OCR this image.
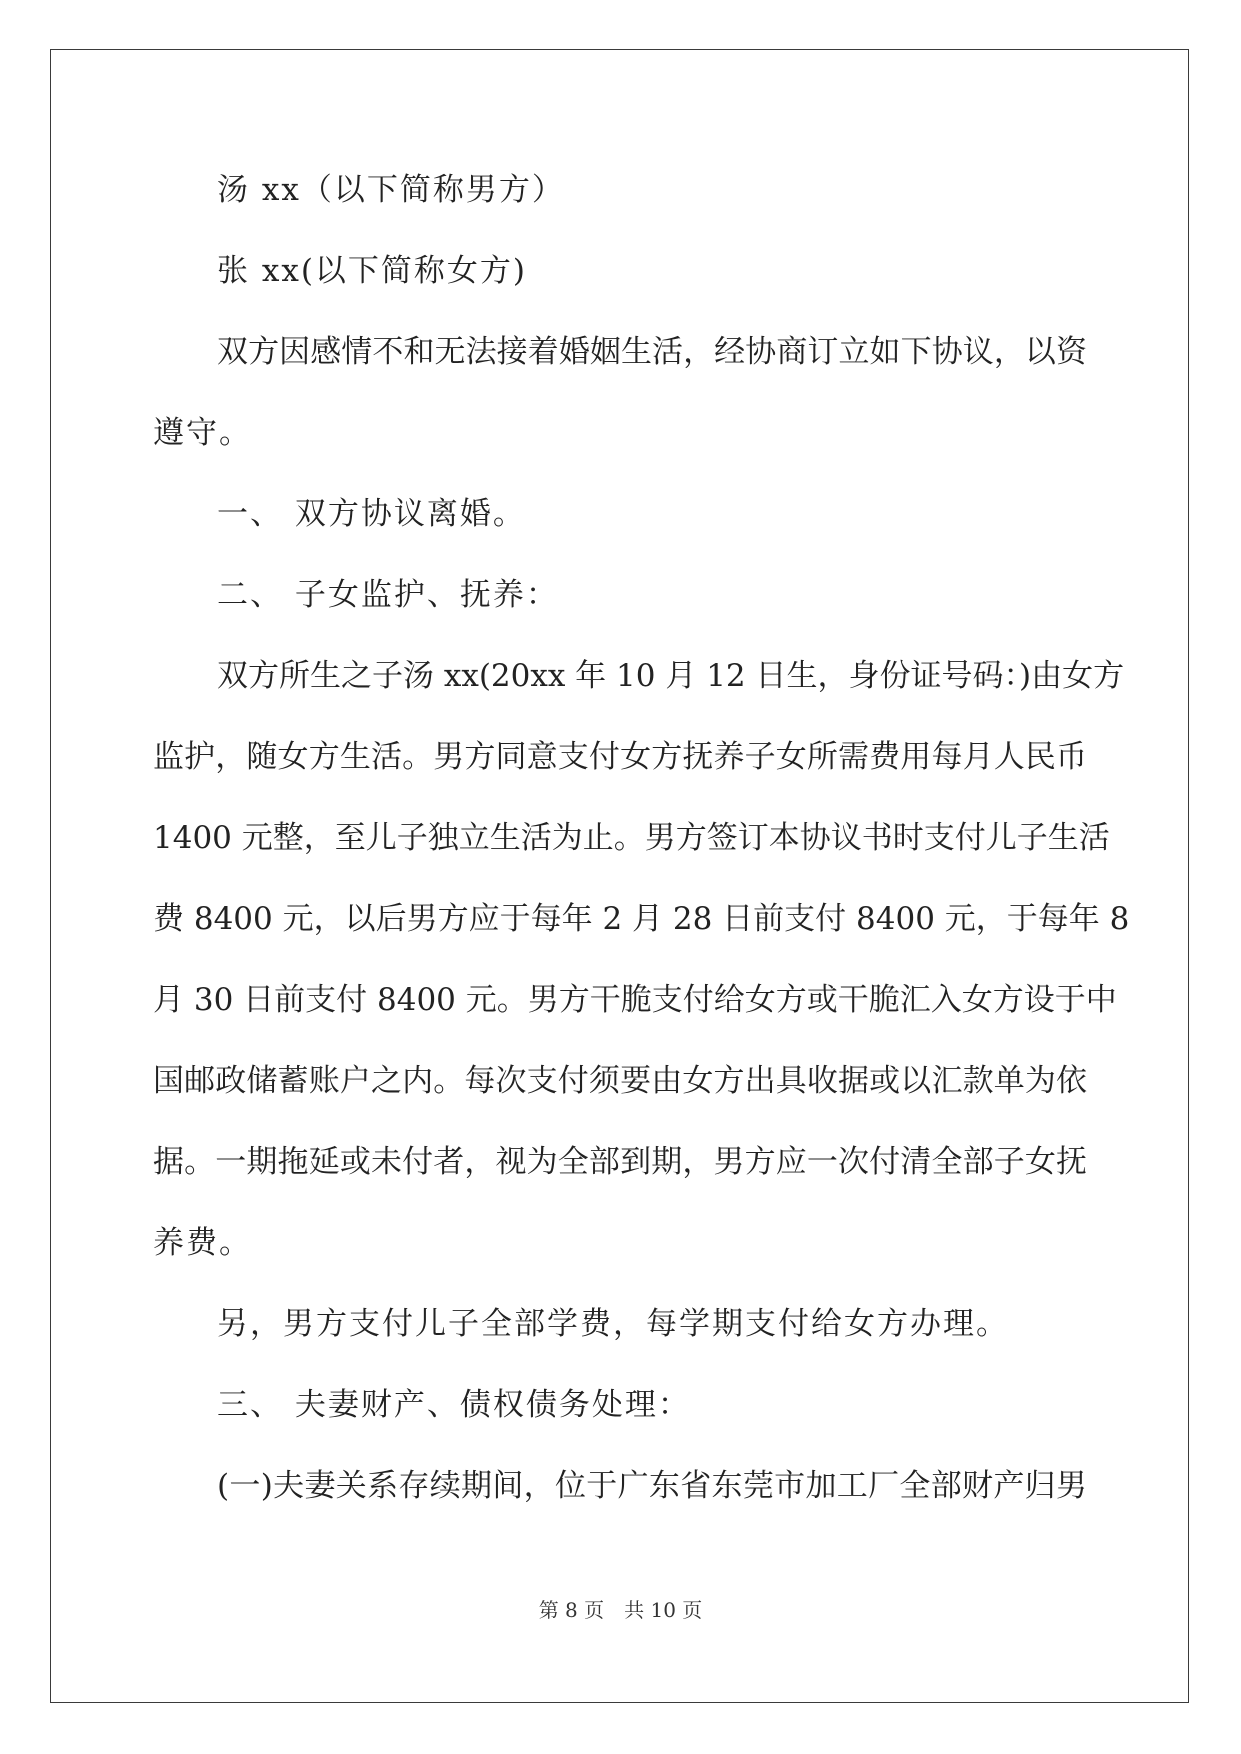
汤 xx（以下简称男方）
张 xx(以下简称女方)
双方因感情不和无法接着婚姻生活，经协商订立如下协议，以资
遵守。
一、 双方协议离婚。
二、 子女监护、抚养：
双方所生之子汤 xx(20xx 年 10 月 12 日生，身份证号码：)由女方
监护，随女方生活。男方同意支付女方抚养子女所需费用每月人民币
1400 元整，至儿子独立生活为止。男方签订本协议书时支付儿子生活
费 8400 元，以后男方应于每年 2 月 28 日前支付 8400 元，于每年 8
月 30 日前支付 8400 元。男方干脆支付给女方或干脆汇入女方设于中
国邮政储蓄账户之内。每次支付须要由女方出具收据或以汇款单为依
据。一期拖延或未付者，视为全部到期，男方应一次付清全部子女抚
养费。
另，男方支付儿子全部学费，每学期支付给女方办理。
三、 夫妻财产、债权债务处理：
(一)夫妻关系存续期间，位于广东省东莞市加工厂全部财产归男
第 8 页　共 10 页
